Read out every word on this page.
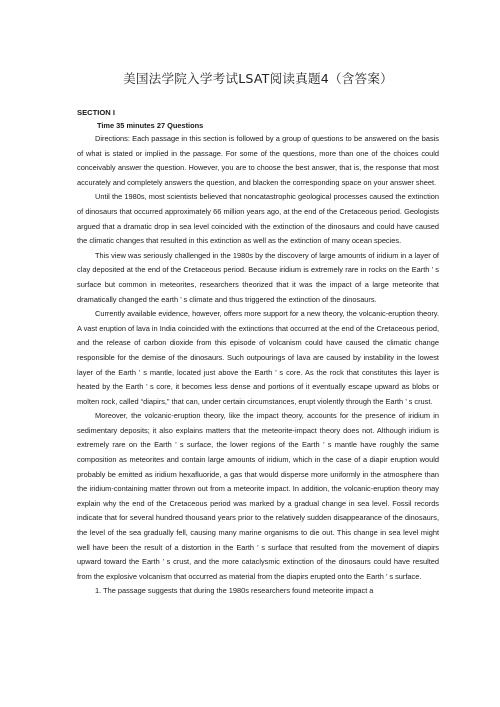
美国法学院入学考试LSAT阅读真题4（含答案）
SECTION I
Time 35 minutes 27 Questions

Directions: Each passage in this section is followed by a group of questions to be answered on the basis of what is stated or implied in the passage. For some of the questions, more than one of the choices could conceivably answer the question. However, you are to choose the best answer, that is, the response that most accurately and completely answers the question, and blacken the corresponding space on your answer sheet.

Until the 1980s, most scientists believed that noncatastrophic geological processes caused the extinction of dinosaurs that occurred approximately 66 million years ago, at the end of the Cretaceous period. Geologists argued that a dramatic drop in sea level coincided with the extinction of the dinosaurs and could have caused the climatic changes that resulted in this extinction as well as the extinction of many ocean species.

This view was seriously challenged in the 1980s by the discovery of large amounts of iridium in a layer of clay deposited at the end of the Cretaceous period. Because iridium is extremely rare in rocks on the Earth ’ s surface but common in meteorites, researchers theorized that it was the impact of a large meteorite that dramatically changed the earth ’ s climate and thus triggered the extinction of the dinosaurs.

Currently available evidence, however, offers more support for a new theory, the volcanic-eruption theory. A vast eruption of lava in India coincided with the extinctions that occurred at the end of the Cretaceous period, and the release of carbon dioxide from this episode of volcanism could have caused the climatic change responsible for the demise of the dinosaurs. Such outpourings of lava are caused by instability in the lowest layer of the Earth ’ s mantle, located just above the Earth ’ s core. As the rock that constitutes this layer is heated by the Earth ’ s core, it becomes less dense and portions of it eventually escape upward as blobs or molten rock, called “diapirs,” that can, under certain circumstances, erupt violently through the Earth ’ s crust.

Moreover, the volcanic-eruption theory, like the impact theory, accounts for the presence of iridium in sedimentary deposits; it also explains matters that the meteorite-impact theory does not. Although iridium is extremely rare on the Earth ’ s surface, the lower regions of the Earth ’ s mantle have roughly the same composition as meteorites and contain large amounts of iridium, which in the case of a diapir eruption would probably be emitted as iridium hexafluoride, a gas that would disperse more uniformly in the atmosphere than the iridium-containing matter thrown out from a meteorite impact. In addition, the volcanic-eruption theory may explain why the end of the Cretaceous period was marked by a gradual change in sea level. Fossil records indicate that for several hundred thousand years prior to the relatively sudden disappearance of the dinosaurs, the level of the sea gradually fell, causing many marine organisms to die out. This change in sea level might well have been the result of a distortion in the Earth ’ s surface that resulted from the movement of diapirs upward toward the Earth ’ s crust, and the more cataclysmic extinction of the dinosaurs could have resulted from the explosive volcanism that occurred as material from the diapirs erupted onto the Earth ’ s surface.

1. The passage suggests that during the 1980s researchers found meteorite impact a
